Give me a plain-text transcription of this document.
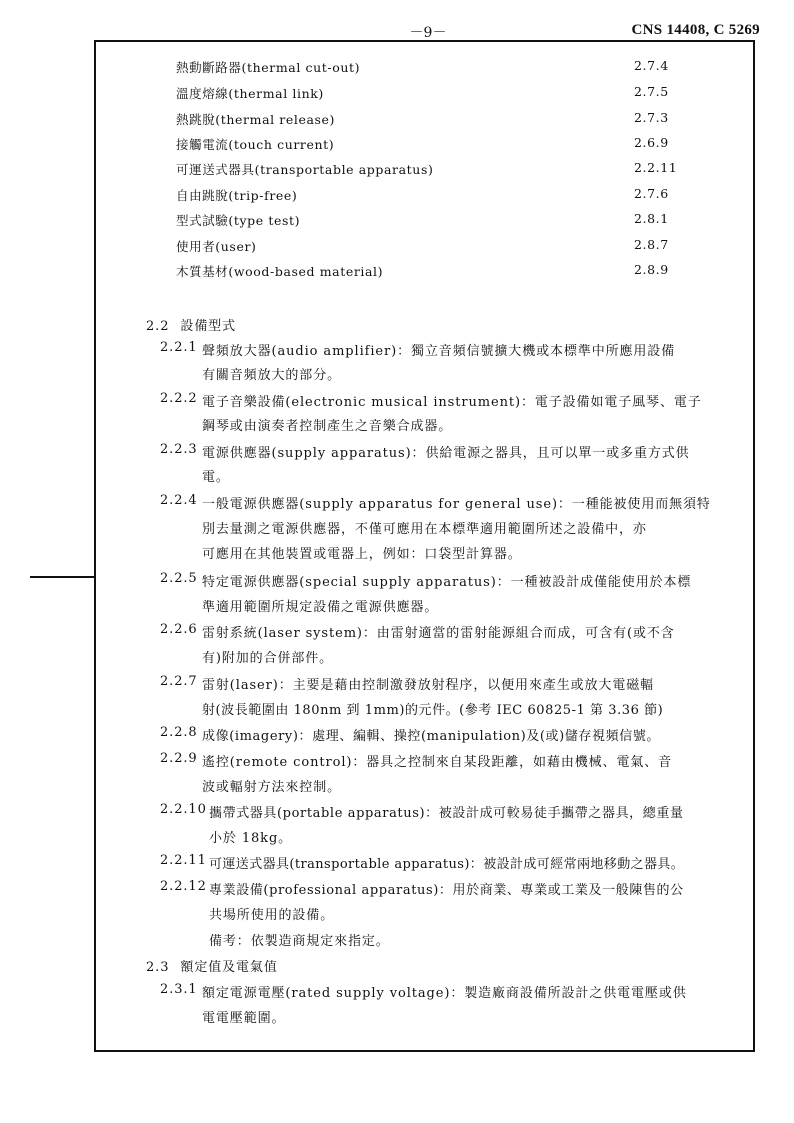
－9－	CNS 14408, C 5269
熱動斷路器(thermal cut-out)	2.7.4
溫度熔線(thermal link)	2.7.5
熱跳脫(thermal release)	2.7.3
接觸電流(touch current)	2.6.9
可運送式器具(transportable apparatus)	2.2.11
自由跳脫(trip-free)	2.7.6
型式試驗(type test)	2.8.1
使用者(user)	2.8.7
木質基材(wood-based material)	2.8.9
2.2 設備型式
2.2.1 聲頻放大器(audio amplifier)：獨立音頻信號擴大機或本標準中所應用設備
有關音頻放大的部分。
2.2.2 電子音樂設備(electronic musical instrument)：電子設備如電子風琴、電子
鋼琴或由演奏者控制產生之音樂合成器。
2.2.3 電源供應器(supply apparatus)：供給電源之器具，且可以單一或多重方式供
電。
2.2.4 一般電源供應器(supply apparatus for general use)：一種能被使用而無須特
別去量測之電源供應器，不僅可應用在本標準適用範圍所述之設備中，亦
可應用在其他裝置或電器上，例如：口袋型計算器。
2.2.5 特定電源供應器(special supply apparatus)：一種被設計成僅能使用於本標
準適用範圍所規定設備之電源供應器。
2.2.6 雷射系統(laser system)：由雷射適當的雷射能源組合而成，可含有(或不含
有)附加的合併部件。
2.2.7 雷射(laser)：主要是藉由控制激發放射程序，以便用來產生或放大電磁輻
射(波長範圍由 180nm 到 1mm)的元件。(參考 IEC 60825-1 第 3.36 節)
2.2.8 成像(imagery)：處理、編輯、操控(manipulation)及(或)儲存視頻信號。
2.2.9 遙控(remote control)：器具之控制來自某段距離，如藉由機械、電氣、音
波或輻射方法來控制。
2.2.10 攜帶式器具(portable apparatus)：被設計成可較易徒手攜帶之器具，總重量
小於 18kg。
2.2.11 可運送式器具(transportable apparatus)：被設計成可經常兩地移動之器具。
2.2.12 專業設備(professional apparatus)：用於商業、專業或工業及一般陳售的公
共場所使用的設備。
備考：依製造商規定來指定。
2.3 額定值及電氣值
2.3.1 額定電源電壓(rated supply voltage)：製造廠商設備所設計之供電電壓或供
電電壓範圍。
